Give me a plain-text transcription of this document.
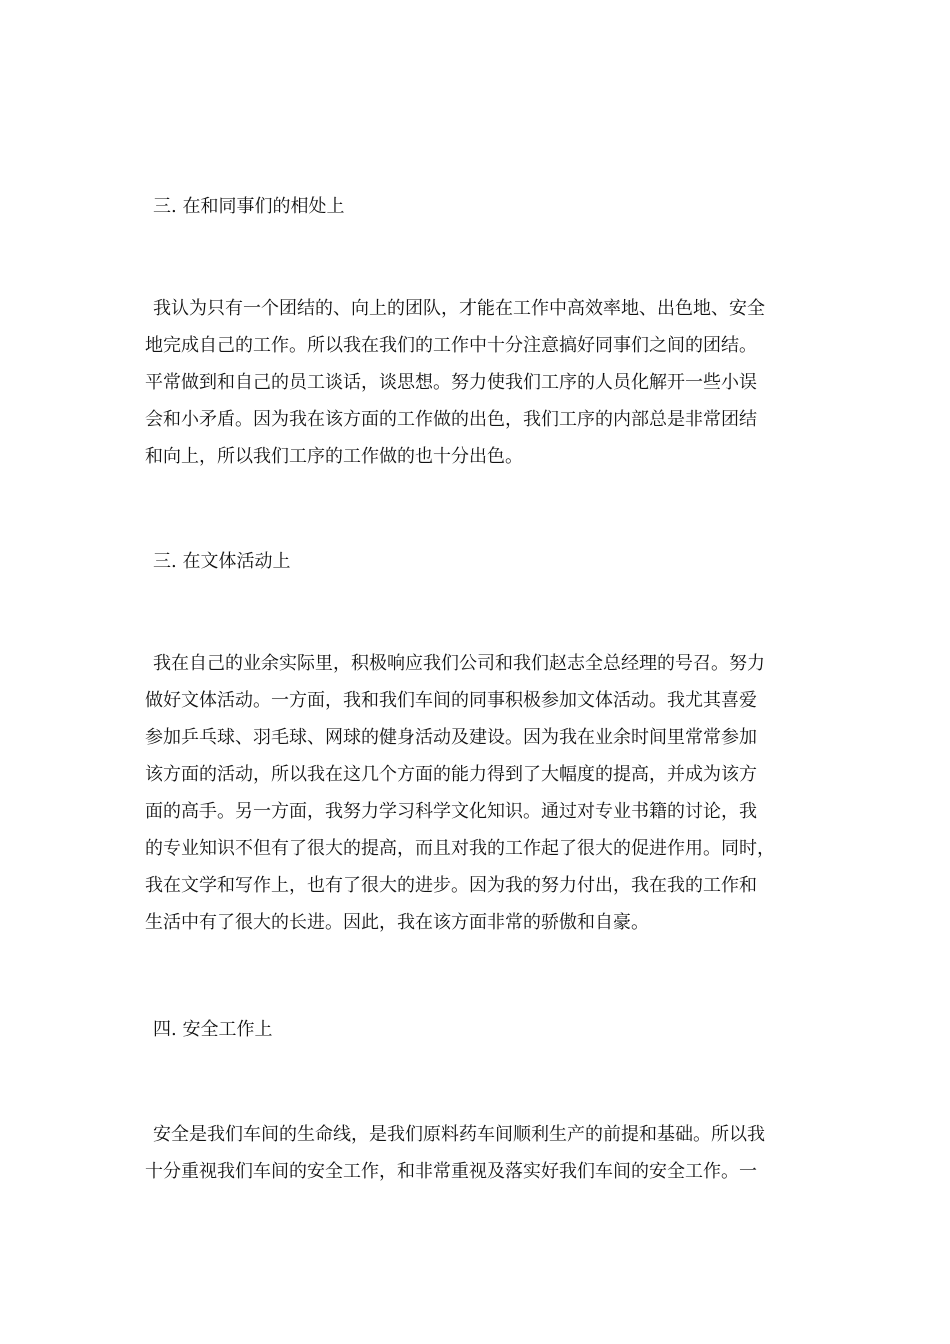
三. 在和同事们的相处上
我认为只有一个团结的、向上的团队，才能在工作中高效率地、出色地、安全
地完成自己的工作。所以我在我们的工作中十分注意搞好同事们之间的团结。
平常做到和自己的员工谈话，谈思想。努力使我们工序的人员化解开一些小误
会和小矛盾。因为我在该方面的工作做的出色，我们工序的内部总是非常团结
和向上，所以我们工序的工作做的也十分出色。
三. 在文体活动上
我在自己的业余实际里，积极响应我们公司和我们赵志全总经理的号召。努力
做好文体活动。一方面，我和我们车间的同事积极参加文体活动。我尤其喜爱
参加乒乓球、羽毛球、网球的健身活动及建设。因为我在业余时间里常常参加
该方面的活动，所以我在这几个方面的能力得到了大幅度的提高，并成为该方
面的高手。另一方面，我努力学习科学文化知识。通过对专业书籍的讨论，我
的专业知识不但有了很大的提高，而且对我的工作起了很大的促进作用。同时，
我在文学和写作上，也有了很大的进步。因为我的努力付出，我在我的工作和
生活中有了很大的长进。因此，我在该方面非常的骄傲和自豪。
四. 安全工作上
安全是我们车间的生命线，是我们原料药车间顺利生产的前提和基础。所以我
十分重视我们车间的安全工作，和非常重视及落实好我们车间的安全工作。一
